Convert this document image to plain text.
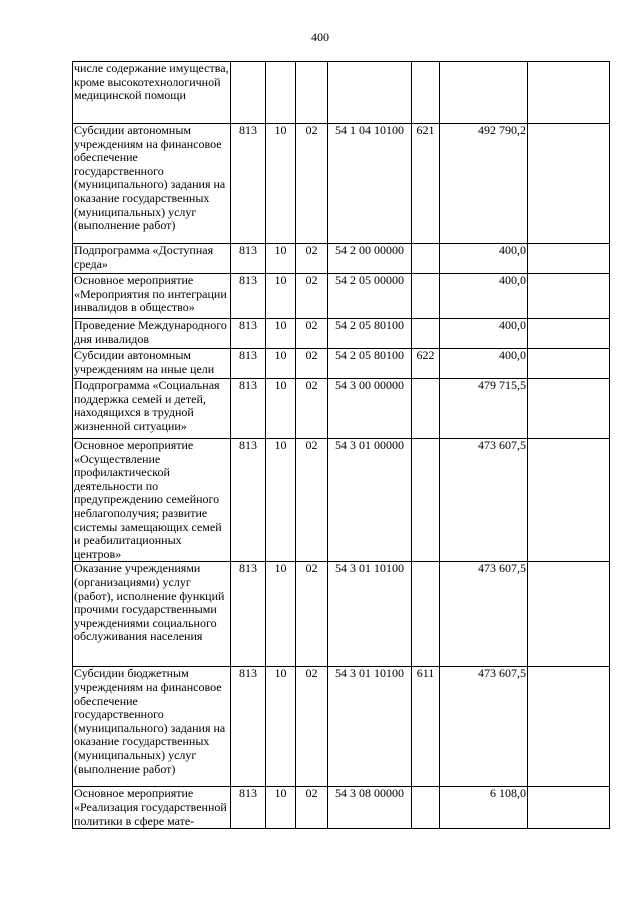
400
числе содержание имущества, кроме высокотехнологичной медицинской помощи							

Субсидии автономным учреждениям на финансовое обеспечение государственного (муниципального) задания на оказание государственных (муниципальных) услуг (выполнение работ)	813	10	02	54 1 04 10100	621	492 790,2	

Подпрограмма «Доступная среда»	813	10	02	54 2 00 00000		400,0	

Основное мероприятие «Мероприятия по интеграции инвалидов в общество»	813	10	02	54 2 05 00000		400,0	

Проведение Международного дня инвалидов	813	10	02	54 2 05 80100		400,0	

Субсидии автономным учреждениям на иные цели	813	10	02	54 2 05 80100	622	400,0	

Подпрограмма «Социальная поддержка семей и детей, находящихся в трудной жизненной ситуации»	813	10	02	54 3 00 00000		479 715,5	

Основное мероприятие «Осуществление профилактической деятельности по предупреждению семейного неблагополучия; развитие системы замещающих семей и реабилитационных центров»	813	10	02	54 3 01 00000		473 607,5	

Оказание учреждениями (организациями) услуг (работ), исполнение функций прочими государственными учреждениями социального обслуживания населения	813	10	02	54 3 01 10100		473 607,5	

Субсидии бюджетным учреждениям на финансовое обеспечение государственного (муниципального) задания на оказание государственных (муниципальных) услуг (выполнение работ)	813	10	02	54 3 01 10100	611	473 607,5	

Основное мероприятие «Реализация государственной политики в сфере мате-	813	10	02	54 3 08 00000		6 108,0	
